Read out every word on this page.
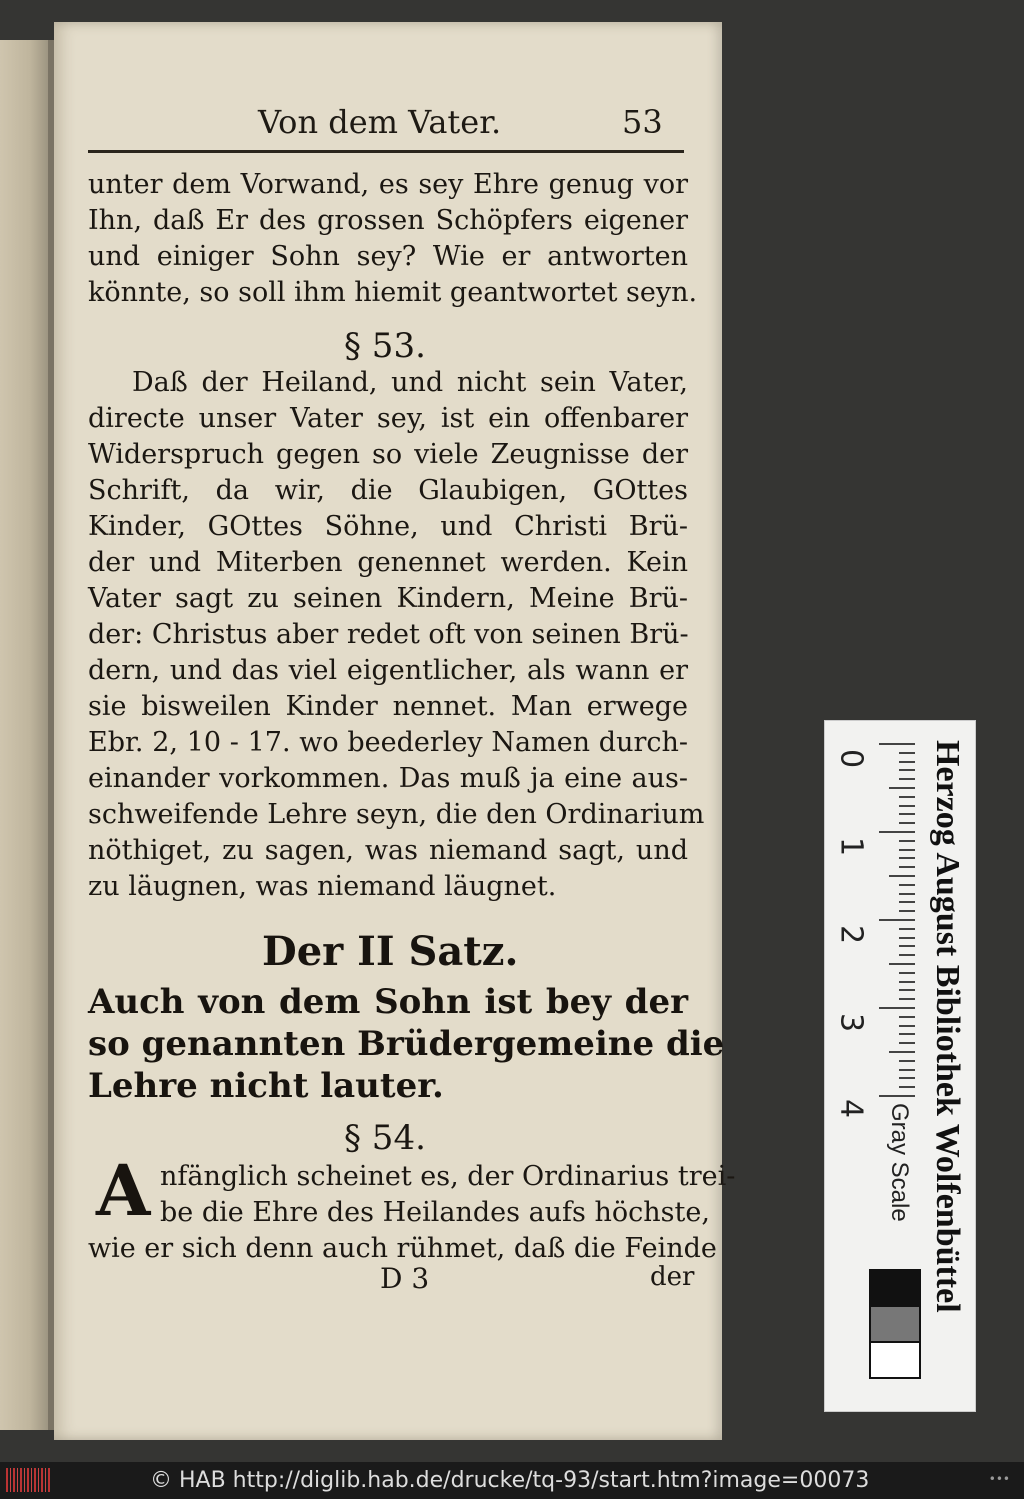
Von dem Vater.	53
unter dem Vorwand, es sey Ehre genug vor
Ihn, daß Er des grossen Schöpfers eigener
und einiger Sohn sey? Wie er antworten
könnte, so soll ihm hiemit geantwortet seyn.
§ 53.
Daß der Heiland, und nicht sein Vater,
directe unser Vater sey, ist ein offenbarer
Widerspruch gegen so viele Zeugnisse der
Schrift, da wir, die Glaubigen, GOttes
Kinder, GOttes Söhne, und Christi Brü-
der und Miterben genennet werden. Kein
Vater sagt zu seinen Kindern, Meine Brü-
der: Christus aber redet oft von seinen Brü-
dern, und das viel eigentlicher, als wann er
sie bisweilen Kinder nennet. Man erwege
Ebr. 2, 10 - 17. wo beederley Namen durch-
einander vorkommen. Das muß ja eine aus-
schweifende Lehre seyn, die den Ordinarium
nöthiget, zu sagen, was niemand sagt, und
zu läugnen, was niemand läugnet.
Der II Satz.
Auch von dem Sohn ist bey der
so genannten Brüdergemeine die
Lehre nicht lauter.
§ 54.
A nfänglich scheinet es, der Ordinarius trei-
be die Ehre des Heilandes aufs höchste,
wie er sich denn auch rühmet, daß die Feinde
D 3	der
0
1
2
3
4 Gray Scale Herzog August Bibliothek Wolfenbüttel
© HAB http://diglib.hab.de/drucke/tq-93/start.htm?image=00073	•••
